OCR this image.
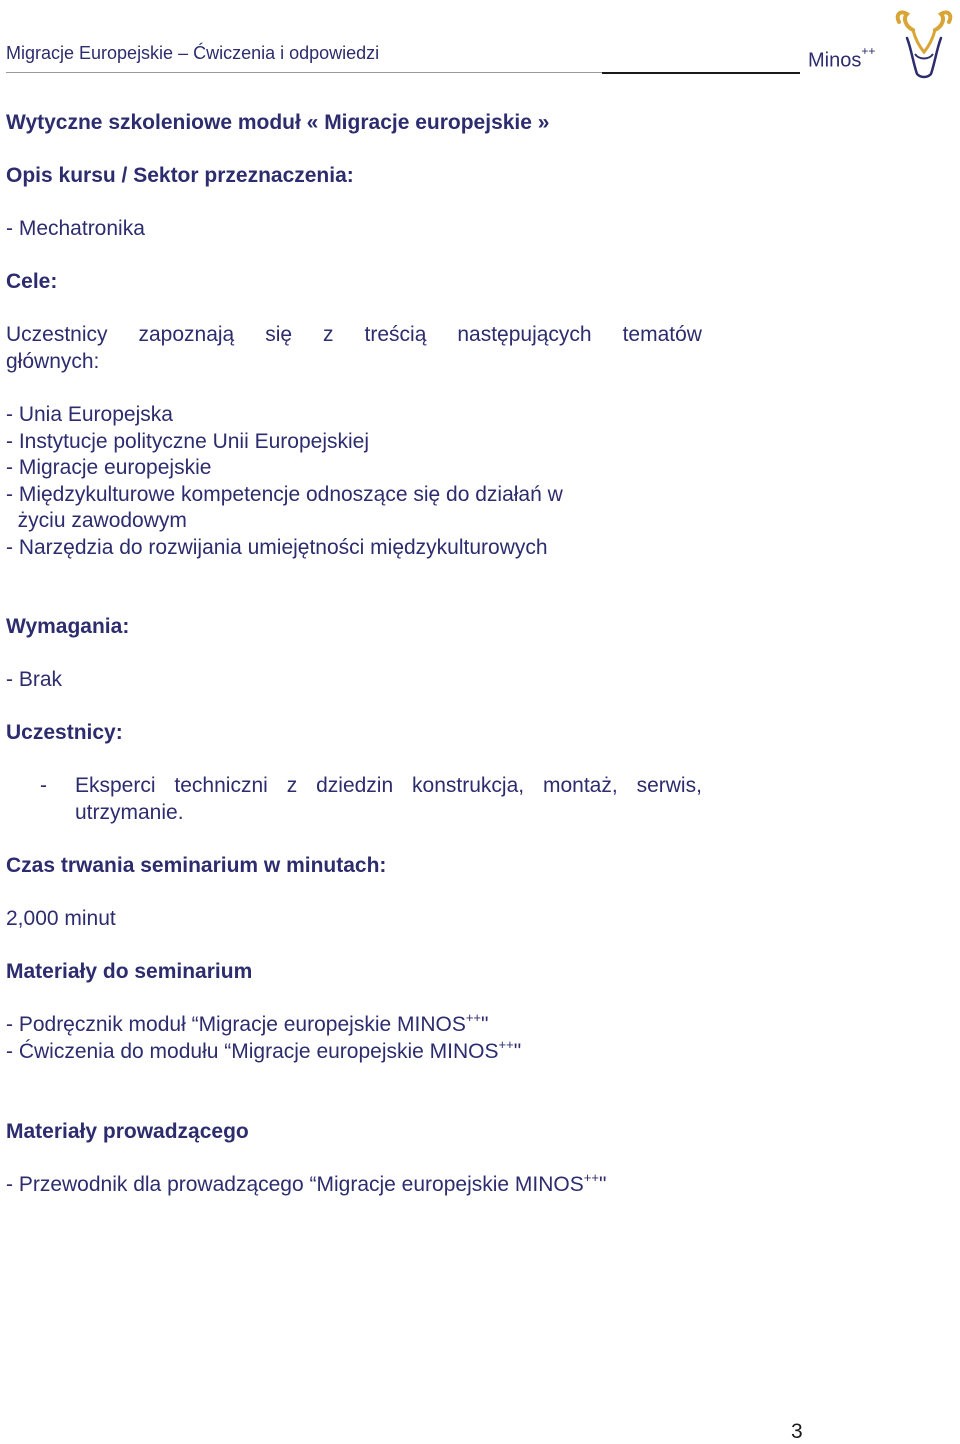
Migracje Europejskie – Ćwiczenia i odpowiedzi	Minos++
Wytyczne szkoleniowe moduł « Migracje europejskie »
Opis kursu / Sektor przeznaczenia:
- Mechatronika
Cele:
Uczestnicy zapoznają się z treścią następujących tematów
głównych:
- Unia Europejska
- Instytucje polityczne Unii Europejskiej
- Migracje europejskie
- Międzykulturowe kompetencje odnoszące się do działań w
życiu zawodowym
- Narzędzia do rozwijania umiejętności międzykulturowych
Wymagania:
- Brak
Uczestnicy:
- Eksperci techniczni z dziedzin konstrukcja, montaż, serwis,
utrzymanie.
Czas trwania seminarium w minutach:
2,000 minut
Materiały do seminarium
- Podręcznik moduł “Migracje europejskie MINOS++"
- Ćwiczenia do modułu “Migracje europejskie MINOS++"
Materiały prowadzącego
- Przewodnik dla prowadzącego “Migracje europejskie MINOS++"
3
